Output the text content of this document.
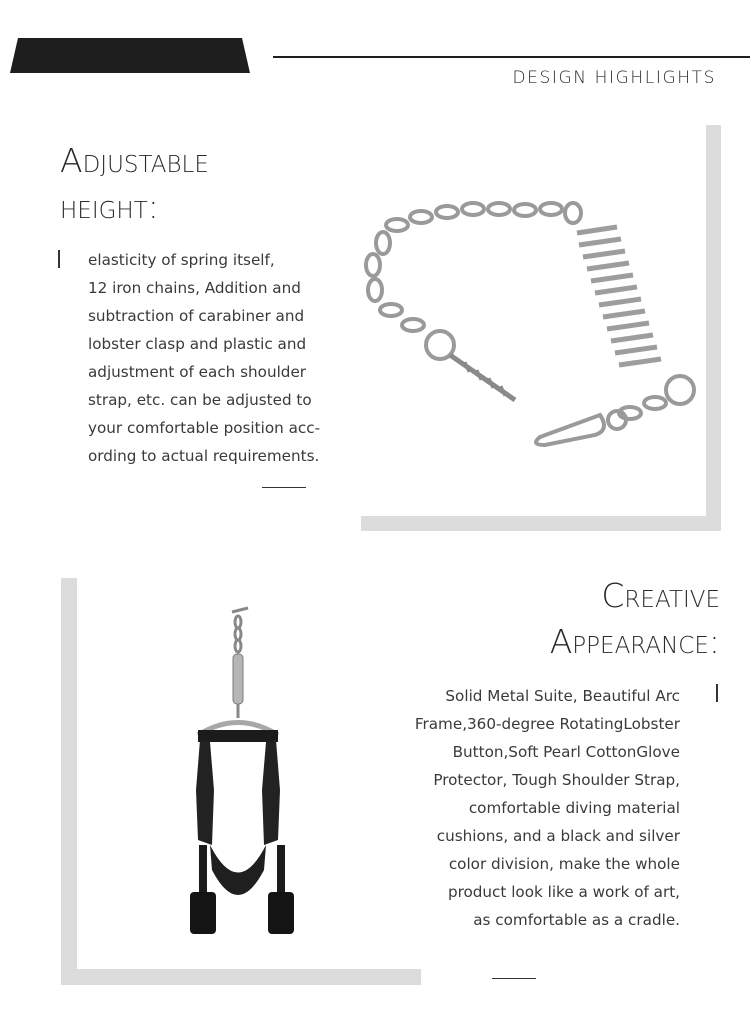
DESIGN HIGHLIGHTS
Adjustable
height:
elasticity of spring itself,
12 iron chains, Addition and
subtraction of carabiner and
lobster clasp and plastic and
adjustment of each shoulder
strap, etc. can be adjusted to
your comfortable position acc-
ording to actual requirements.
Creative
Appearance:
Solid Metal Suite, Beautiful Arc
Frame,360-degree RotatingLobster
Button,Soft Pearl CottonGlove
Protector, Tough Shoulder Strap,
comfortable diving material
cushions, and a black and silver
color division, make the whole
product look like a work of art,
as comfortable as a cradle.
